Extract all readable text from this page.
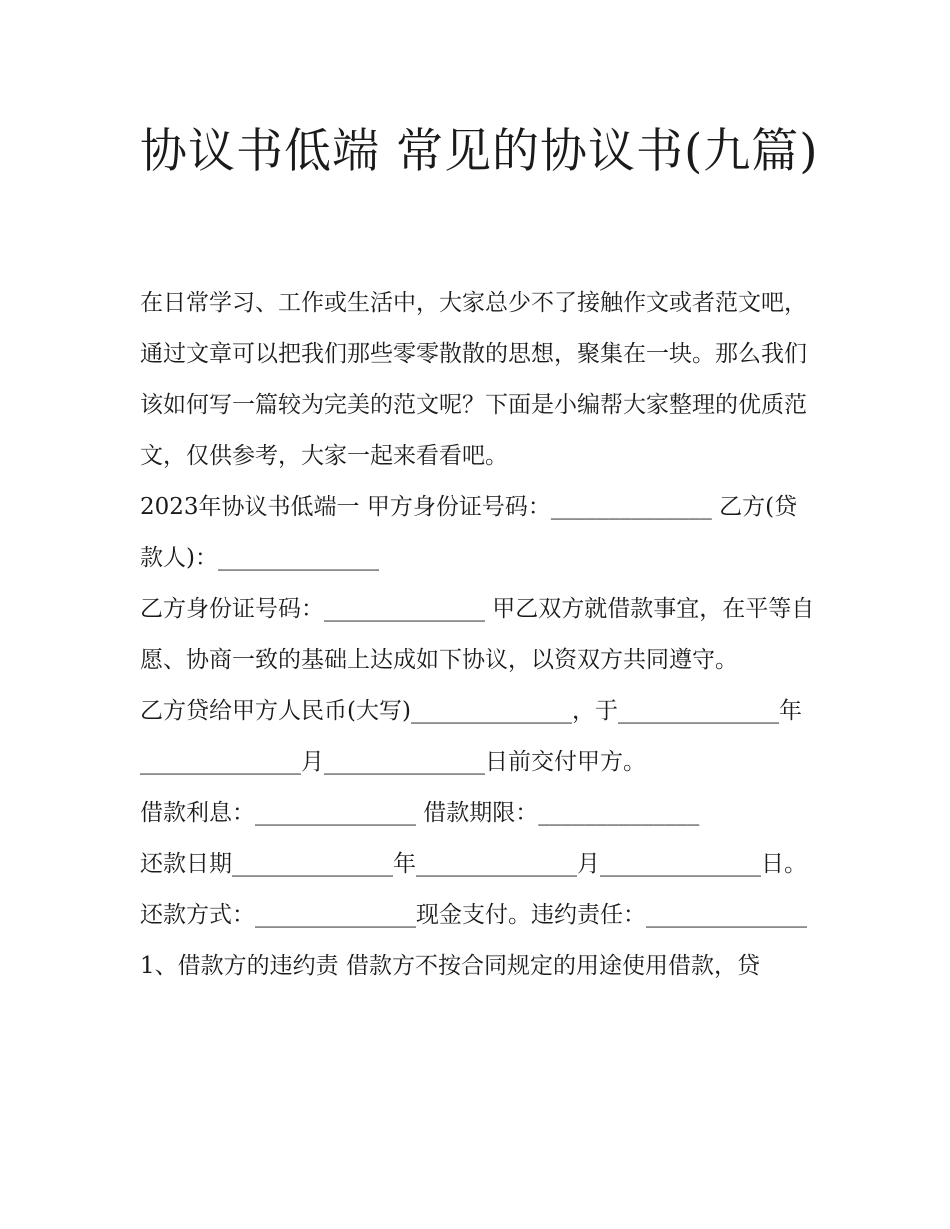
协议书低端 常见的协议书(九篇)

在日常学习、工作或生活中，大家总少不了接触作文或者范文吧，通过文章可以把我们那些零零散散的思想，聚集在一块。那么我们该如何写一篇较为完美的范文呢？下面是小编帮大家整理的优质范文，仅供参考，大家一起来看看吧。

2023年协议书低端一 甲方身份证号码：______________ 乙方(贷款人)：______________

乙方身份证号码：______________ 甲乙双方就借款事宜，在平等自愿、协商一致的基础上达成如下协议，以资双方共同遵守。

乙方贷给甲方人民币(大写)______________，于______________年______________月______________日前交付甲方。

借款利息：______________ 借款期限：______________

还款日期______________年______________月______________日。

还款方式：______________现金支付。违约责任：______________

1、借款方的违约责 借款方不按合同规定的用途使用借款，贷
